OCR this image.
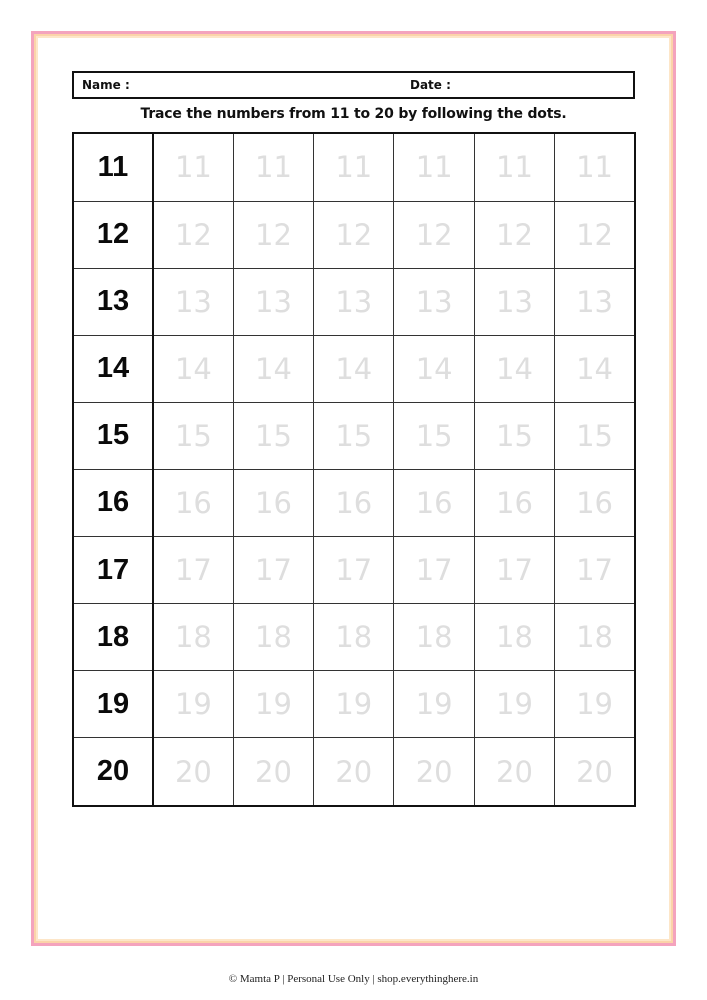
Name :	Date :
Trace the numbers from 11 to 20 by following the dots.
11	11	11	11	11	11	11
12	12	12	12	12	12	12
13	13	13	13	13	13	13
14	14	14	14	14	14	14
15	15	15	15	15	15	15
16	16	16	16	16	16	16
17	17	17	17	17	17	17
18	18	18	18	18	18	18
19	19	19	19	19	19	19
20	20	20	20	20	20	20
© Mamta P | Personal Use Only | shop.everythinghere.in
